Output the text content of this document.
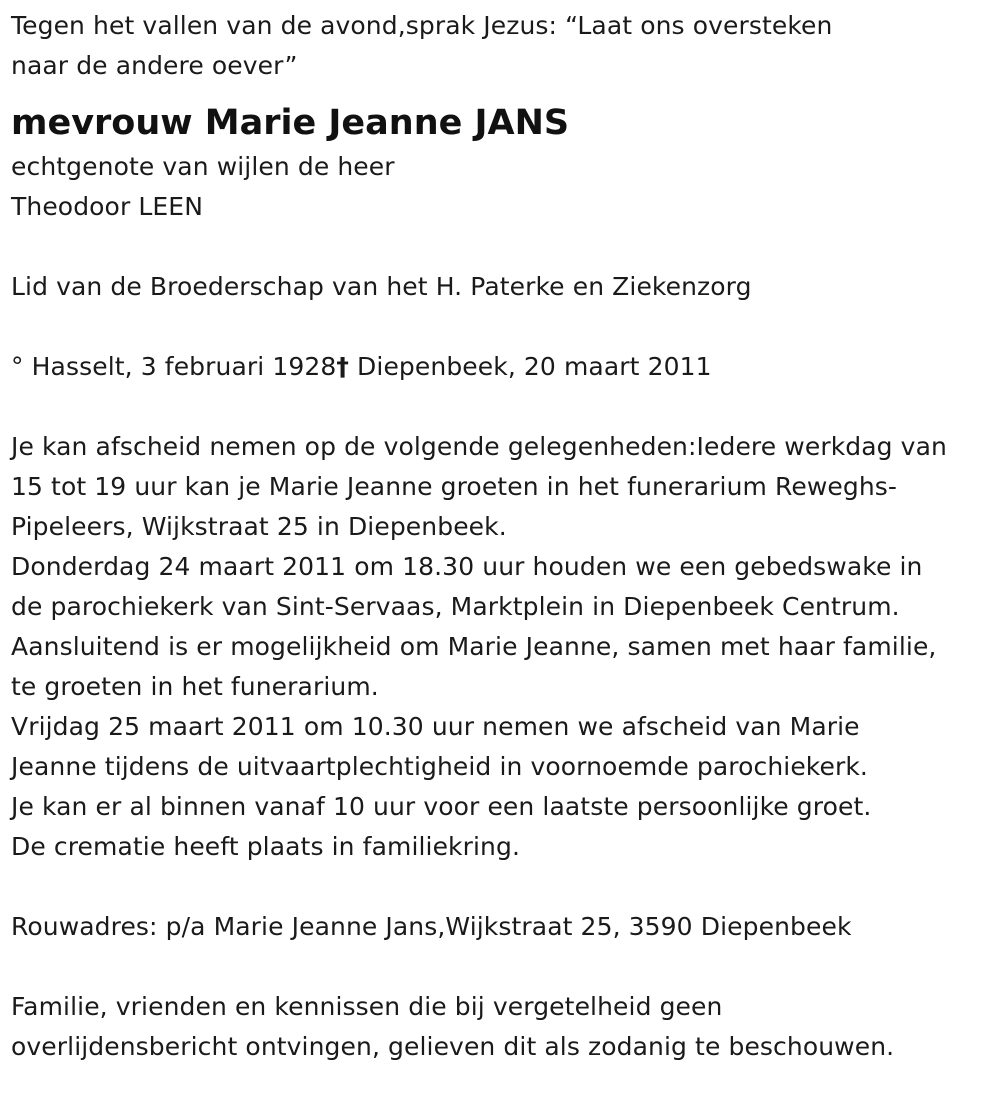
Tegen het vallen van de avond,sprak Jezus: “Laat ons oversteken
naar de andere oever”
mevrouw Marie Jeanne JANS
echtgenote van wijlen de heer
Theodoor LEEN
Lid van de Broederschap van het H. Paterke en Ziekenzorg
° Hasselt, 3 februari 1928† Diepenbeek, 20 maart 2011
Je kan afscheid nemen op de volgende gelegenheden:Iedere werkdag van
15 tot 19 uur kan je Marie Jeanne groeten in het funerarium Reweghs-
Pipeleers, Wijkstraat 25 in Diepenbeek.
Donderdag 24 maart 2011 om 18.30 uur houden we een gebedswake in
de parochiekerk van Sint-Servaas, Marktplein in Diepenbeek Centrum.
Aansluitend is er mogelijkheid om Marie Jeanne, samen met haar familie,
te groeten in het funerarium.
Vrijdag 25 maart 2011 om 10.30 uur nemen we afscheid van Marie
Jeanne tijdens de uitvaartplechtigheid in voornoemde parochiekerk.
Je kan er al binnen vanaf 10 uur voor een laatste persoonlijke groet.
De crematie heeft plaats in familiekring.
Rouwadres: p/a Marie Jeanne Jans,Wijkstraat 25, 3590 Diepenbeek
Familie, vrienden en kennissen die bij vergetelheid geen
overlijdensbericht ontvingen, gelieven dit als zodanig te beschouwen.
